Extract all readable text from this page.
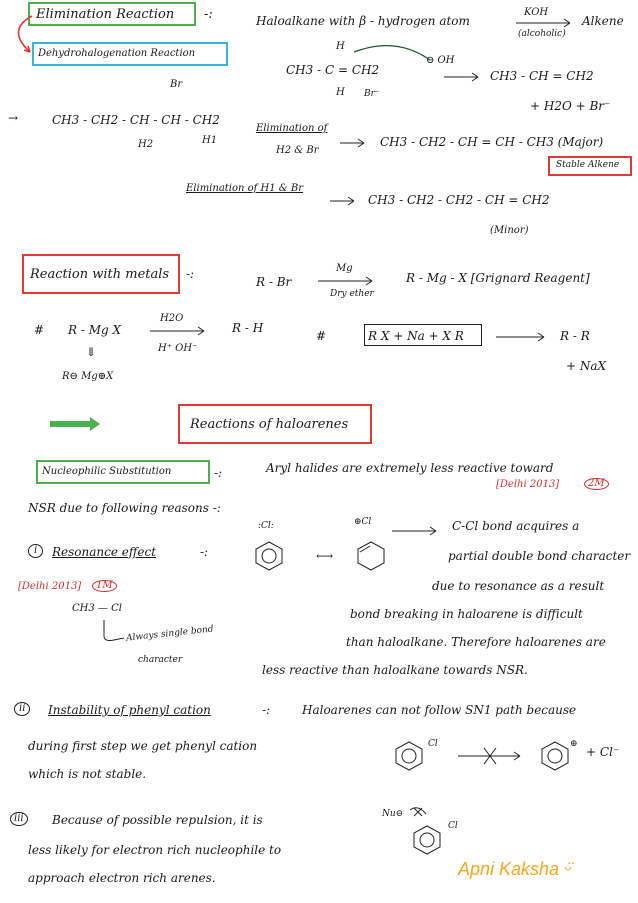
Elimination Reaction -:
Dehydrohalogenation Reaction
Haloalkane with β - hydrogen atom
KOH
(alcoholic)
Alkene
H
CH3 - C = CH2
H Br⁻
⊖ OH
CH3 - CH = CH2
+ H2O + Br⁻
→
Br
CH3 - CH2 - CH - CH - CH2
H2	H1
Elimination of
H2 & Br
CH3 - CH2 - CH = CH - CH3 (Major)
Stable Alkene
Elimination of H1 & Br
CH3 - CH2 - CH2 - CH = CH2
(Minor)
Reaction with metals -:
R - Br
Mg
Dry ether
R - Mg - X [Grignard Reagent]
# R - Mg X
H2O
H⁺ OH⁻
R - H
⇓
R⊖ Mg⊕X
#	R X + Na + X R	R - R
+ NaX
Reactions of haloarenes
Nucleophilic Substitution	-:	Aryl halides are extremely less reactive toward
[Delhi 2013]	2M
NSR due to following reasons -:
i	Resonance effect	-:
[Delhi 2013]	1M
:Cl:
⟷
⊕Cl	C-Cl bond acquires a
partial double bond character
due to resonance as a result
bond breaking in haloarene is difficult
than haloalkane. Therefore haloarenes are
less reactive than haloalkane towards NSR.
CH3 — Cl
Always single bond
character
ii	Instability of phenyl cation	-:	Haloarenes can not follow SN1 path because
during first step we get phenyl cation
which is not stable.
Cl	⊕
+ Cl⁻
iii	Because of possible repulsion, it is
less likely for electron rich nucleophile to
approach electron rich arenes.
Nu⊖
Cl
Apni Kaksha ᵕ̈
